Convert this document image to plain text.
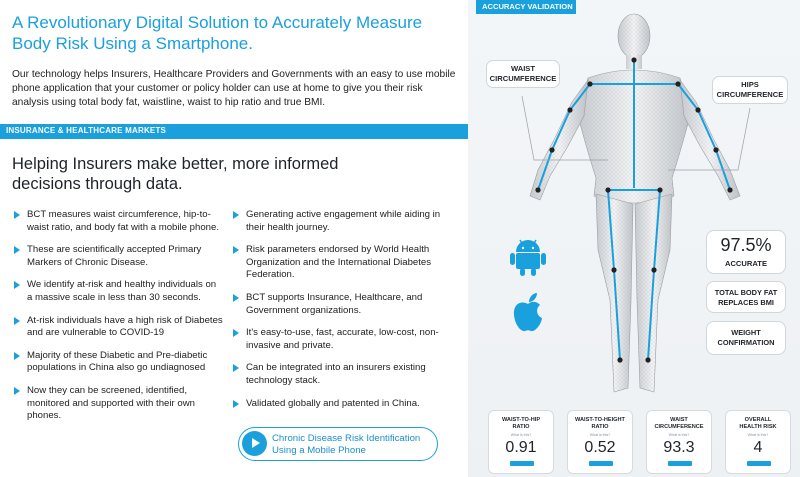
A Revolutionary Digital Solution to Accurately Measure
Body Risk Using a Smartphone.

Our technology helps Insurers, Healthcare Providers and Governments with an easy to use mobile phone application that your customer or policy holder can use at home to give you their risk analysis using total body fat, waistline, waist to hip ratio and true BMI.

INSURANCE & HEALTHCARE MARKETS
Helping Insurers make better, more informed
decisions through data.
BCT measures waist circumference, hip-to-waist ratio, and body fat with a mobile phone.
These are scientifically accepted Primary Markers of Chronic Disease.
We identify at-risk and healthy individuals on a massive scale in less than 30 seconds.
At-risk individuals have a high risk of Diabetes and are vulnerable to COVID-19
Majority of these Diabetic and Pre-diabetic populations in China also go undiagnosed
Now they can be screened, identified, monitored and supported with their own phones.
Generating active engagement while aiding in their health journey.
Risk parameters endorsed by World Health Organization and the International Diabetes Federation.
BCT supports Insurance, Healthcare, and Government organizations.
It's easy-to-use, fast, accurate, low-cost, non-invasive and private.
Can be integrated into an insurers existing technology stack.
Validated globally and patented in China.
Chronic Disease Risk Identification
Using a Mobile Phone
ACCURACY VALIDATION
WAIST
CIRCUMFERENCE
HIPS
CIRCUMFERENCE
97.5%
ACCURATE
TOTAL BODY FAT
REPLACES BMI
WEIGHT
CONFIRMATION
WAIST-TO-HIP
RATIO
What is this?
0.91
WAIST-TO-HEIGHT
RATIO
What is this?
0.52
WAIST
CIRCUMFERENCE
What is this?
93.3
OVERALL
HEALTH RISK
What is this?
4
